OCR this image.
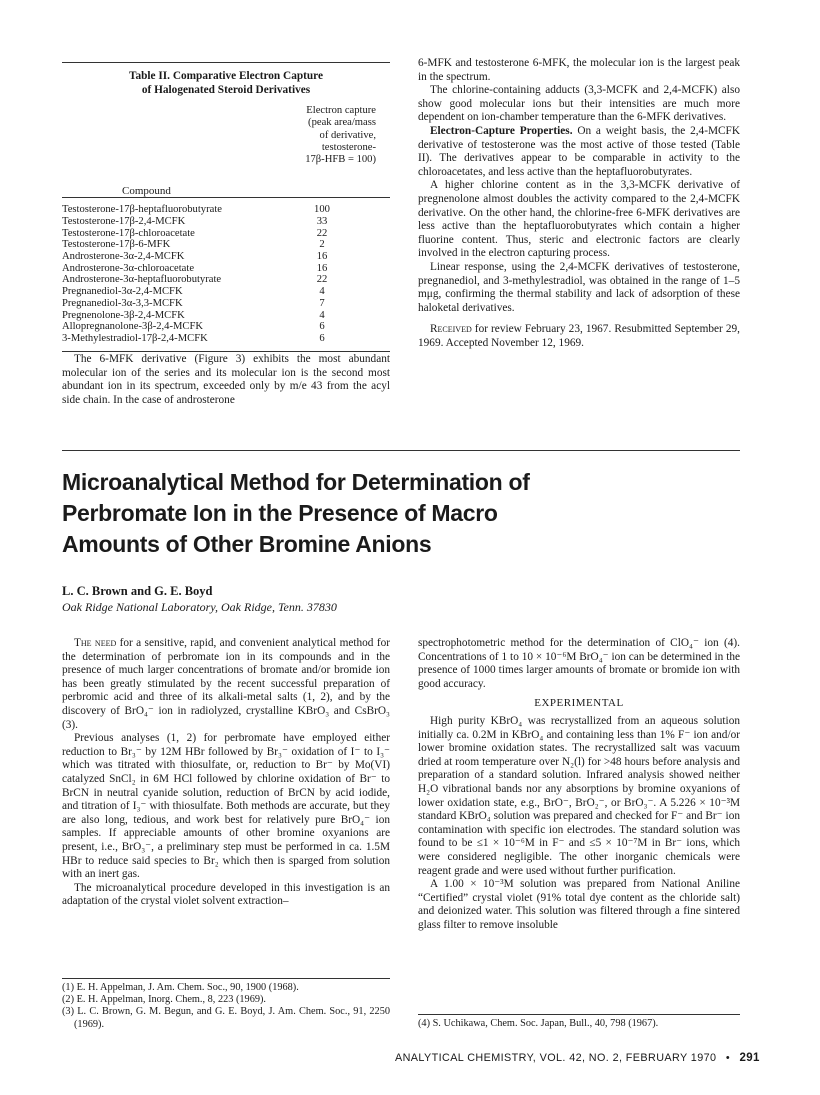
Table II. Comparative Electron Capture
of Halogenated Steroid Derivatives
Electron capture
(peak area/mass
of derivative,
testosterone-
17β-HFB = 100)
Compound
Testosterone-17β-heptafluorobutyrate	100
Testosterone-17β-2,4-MCFK	33
Testosterone-17β-chloroacetate	22
Testosterone-17β-6-MFK	2
Androsterone-3α-2,4-MCFK	16
Androsterone-3α-chloroacetate	16
Androsterone-3α-heptafluorobutyrate	22
Pregnanediol-3α-2,4-MCFK	4
Pregnanediol-3α-3,3-MCFK	7
Pregnenolone-3β-2,4-MCFK	4
Allopregnanolone-3β-2,4-MCFK	6
3-Methylestradiol-17β-2,4-MCFK	6

The 6-MFK derivative (Figure 3) exhibits the most abundant molecular ion of the series and its molecular ion is the second most abundant ion in its spectrum, exceeded only by m/e 43 from the acyl side chain. In the case of androsterone

6-MFK and testosterone 6-MFK, the molecular ion is the largest peak in the spectrum.

The chlorine-containing adducts (3,3-MCFK and 2,4-MCFK) also show good molecular ions but their intensities are much more dependent on ion-chamber temperature than the 6-MFK derivatives.

Electron-Capture Properties. On a weight basis, the 2,4-MCFK derivative of testosterone was the most active of those tested (Table II). The derivatives appear to be comparable in activity to the chloroacetates, and less active than the heptafluorobutyrates.

A higher chlorine content as in the 3,3-MCFK derivative of pregnenolone almost doubles the activity compared to the 2,4-MCFK derivative. On the other hand, the chlorine-free 6-MFK derivatives are less active than the heptafluorobutyrates which contain a higher fluorine content. Thus, steric and electronic factors are clearly involved in the electron capturing process.

Linear response, using the 2,4-MCFK derivatives of testosterone, pregnanediol, and 3-methylestradiol, was obtained in the range of 1–5 mμg, confirming the thermal stability and lack of adsorption of these haloketal derivatives.

Received for review February 23, 1967. Resubmitted September 29, 1969. Accepted November 12, 1969.

Microanalytical Method for Determination of
Perbromate Ion in the Presence of Macro
Amounts of Other Bromine Anions
L. C. Brown and G. E. Boyd
Oak Ridge National Laboratory, Oak Ridge, Tenn. 37830

The need for a sensitive, rapid, and convenient analytical method for the determination of perbromate ion in its compounds and in the presence of much larger concentrations of bromate and/or bromide ion has been greatly stimulated by the recent successful preparation of perbromic acid and three of its alkali-metal salts (1, 2), and by the discovery of BrO₄⁻ ion in radiolyzed, crystalline KBrO₃ and CsBrO₃ (3).

Previous analyses (1, 2) for perbromate have employed either reduction to Br₃⁻ by 12M HBr followed by Br₃⁻ oxidation of I⁻ to I₃⁻ which was titrated with thiosulfate, or, reduction to Br⁻ by Mo(VI) catalyzed SnCl₂ in 6M HCl followed by chlorine oxidation of Br⁻ to BrCN in neutral cyanide solution, reduction of BrCN by acid iodide, and titration of I₃⁻ with thiosulfate. Both methods are accurate, but they are also long, tedious, and work best for relatively pure BrO₄⁻ ion samples. If appreciable amounts of other bromine oxyanions are present, i.e., BrO₃⁻, a preliminary step must be performed in ca. 1.5M HBr to reduce said species to Br₂ which then is sparged from solution with an inert gas.

The microanalytical procedure developed in this investigation is an adaptation of the crystal violet solvent extraction–

(1) E. H. Appelman, J. Am. Chem. Soc., 90, 1900 (1968).

(2) E. H. Appelman, Inorg. Chem., 8, 223 (1969).

(3) L. C. Brown, G. M. Begun, and G. E. Boyd, J. Am. Chem. Soc., 91, 2250 (1969).

spectrophotometric method for the determination of ClO₄⁻ ion (4). Concentrations of 1 to 10 × 10⁻⁶M BrO₄⁻ ion can be determined in the presence of 1000 times larger amounts of bromate or bromide ion with good accuracy.

EXPERIMENTAL

High purity KBrO₄ was recrystallized from an aqueous solution initially ca. 0.2M in KBrO₄ and containing less than 1% F⁻ ion and/or lower bromine oxidation states. The recrystallized salt was vacuum dried at room temperature over N₂(l) for >48 hours before analysis and preparation of a standard solution. Infrared analysis showed neither H₂O vibrational bands nor any absorptions by bromine oxyanions of lower oxidation state, e.g., BrO⁻, BrO₂⁻, or BrO₃⁻. A 5.226 × 10⁻³M standard KBrO₄ solution was prepared and checked for F⁻ and Br⁻ ion contamination with specific ion electrodes. The standard solution was found to be ≤1 × 10⁻⁶M in F⁻ and ≤5 × 10⁻⁷M in Br⁻ ions, which were considered negligible. The other inorganic chemicals were reagent grade and were used without further purification.

A 1.00 × 10⁻³M solution was prepared from National Aniline “Certified” crystal violet (91% total dye content as the chloride salt) and deionized water. This solution was filtered through a fine sintered glass filter to remove insoluble

(4) S. Uchikawa, Chem. Soc. Japan, Bull., 40, 798 (1967).

ANALYTICAL CHEMISTRY, VOL. 42, NO. 2, FEBRUARY 1970 • 291
